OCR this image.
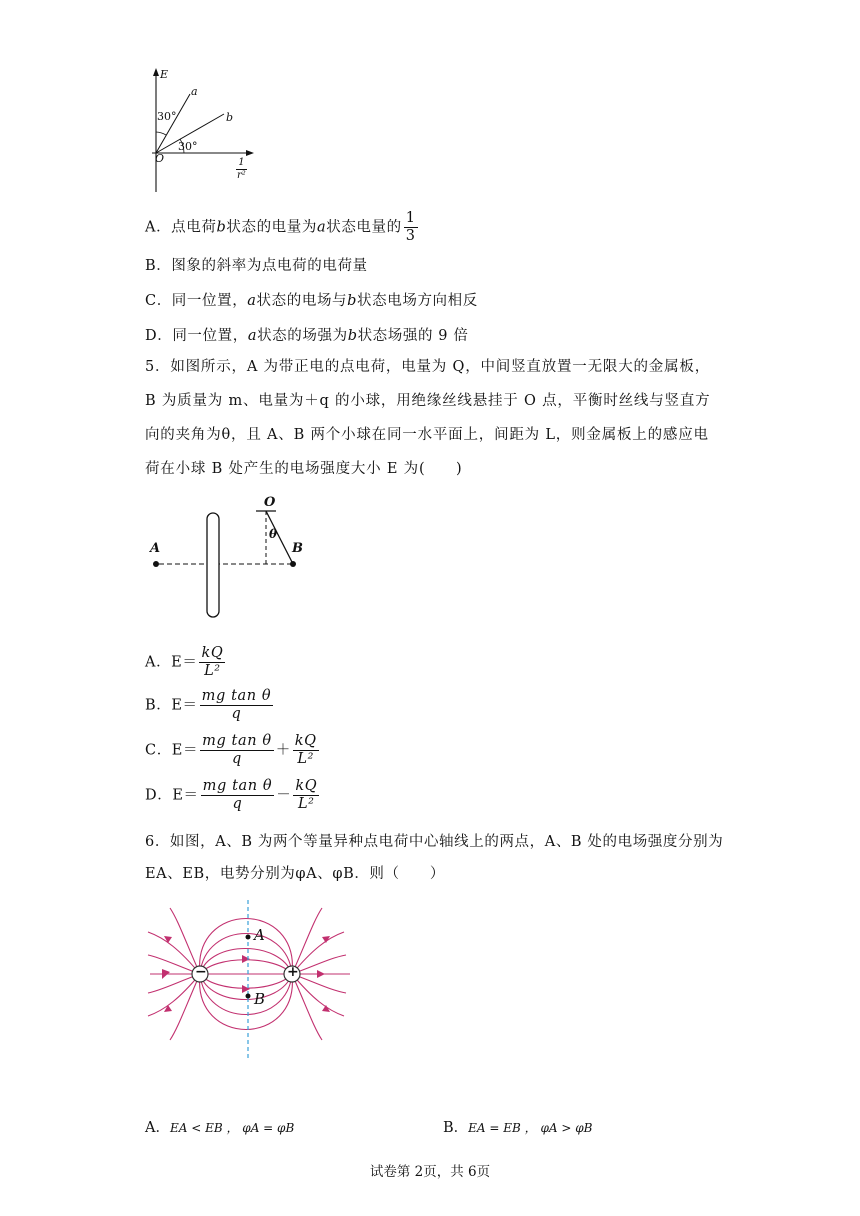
E
30°
a
b
30°
O	$\frac{1}{\text{r²}}$
A．点电荷b状态的电量为a状态电量的 $\frac{1}{3}$
B．图象的斜率为点电荷的电荷量
C．同一位置，a状态的电场与b状态电场方向相反
D．同一位置，a状态的场强为b状态场强的 9 倍
5．如图所示，A 为带正电的点电荷，电量为 Q，中间竖直放置一无限大的金属板，B 为质量为 m、电量为＋q 的小球，用绝缘丝线悬挂于 O 点，平衡时丝线与竖直方向的夹角为θ，且 A、B 两个小球在同一水平面上，间距为 L，则金属板上的感应电荷在小球 B 处产生的电场强度大小 E 为(　　)
A
O
θ
B
A．$E= \frac{kQ}{\text{L²}}$
B．$E= \frac{\text{mg tan θ}}{q}$
C．$E= \frac{\text{mg tan θ}}{q} + \frac{kQ}{\text{L²}}$
D．$E= \frac{\text{mg tan θ}}{q} - \frac{kQ}{\text{L²}}$
6．如图，A、B 为两个等量异种点电荷中心轴线上的两点，A、B 处的电场强度分别为
EA、EB，电势分别为φA、φB．则（　　）
−	+
A
B
A．EA < EB ， φA = φB	B．EA = EB ， φA > φB
试卷第 2页，共 6页
